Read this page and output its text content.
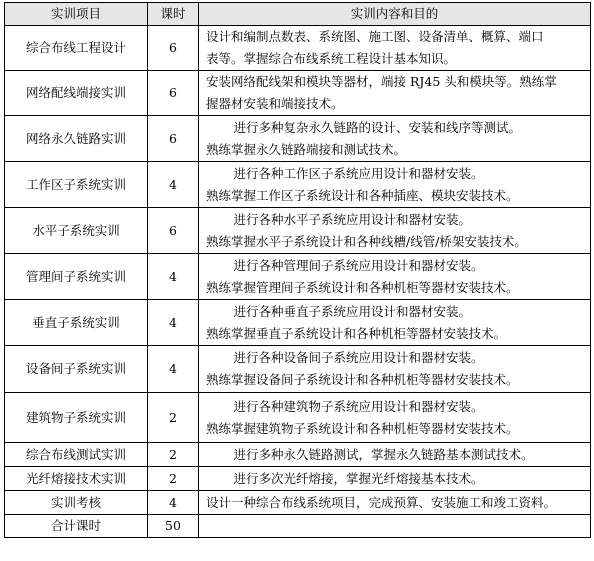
实训项目	课时	实训内容和目的
综合布线工程设计	6	设计和编制点数表、系统图、施工图、设备清单、概算、端口
表等。掌握综合布线系统工程设计基本知识。

网络配线端接实训	6	安装网络配线架和模块等器材，端接 RJ45 头和模块等。熟练掌
握器材安装和端接技术。

网络永久链路实训	6	进行多种复杂永久链路的设计、安装和线序等测试。
熟练掌握永久链路端接和测试技术。

工作区子系统实训	4	进行各种工作区子系统应用设计和器材安装。
熟练掌握工作区子系统设计和各种插座、模块安装技术。

水平子系统实训	6	进行各种水平子系统应用设计和器材安装。
熟练掌握水平子系统设计和各种线槽/线管/桥架安装技术。

管理间子系统实训	4	进行各种管理间子系统应用设计和器材安装。
熟练掌握管理间子系统设计和各种机柜等器材安装技术。

垂直子系统实训	4	进行各种垂直子系统应用设计和器材安装。
熟练掌握垂直子系统设计和各种机柜等器材安装技术。

设备间子系统实训	4	进行各种设备间子系统应用设计和器材安装。
熟练掌握设备间子系统设计和各种机柜等器材安装技术。

建筑物子系统实训	2	进行各种建筑物子系统应用设计和器材安装。
熟练掌握建筑物子系统设计和各种机柜等器材安装技术。

综合布线测试实训	2	进行多种永久链路测试，掌握永久链路基本测试技术。

光纤熔接技术实训	2	进行多次光纤熔接，掌握光纤熔接基本技术。

实训考核	4	设计一种综合布线系统项目，完成预算、安装施工和竣工资料。

合计课时	50	
